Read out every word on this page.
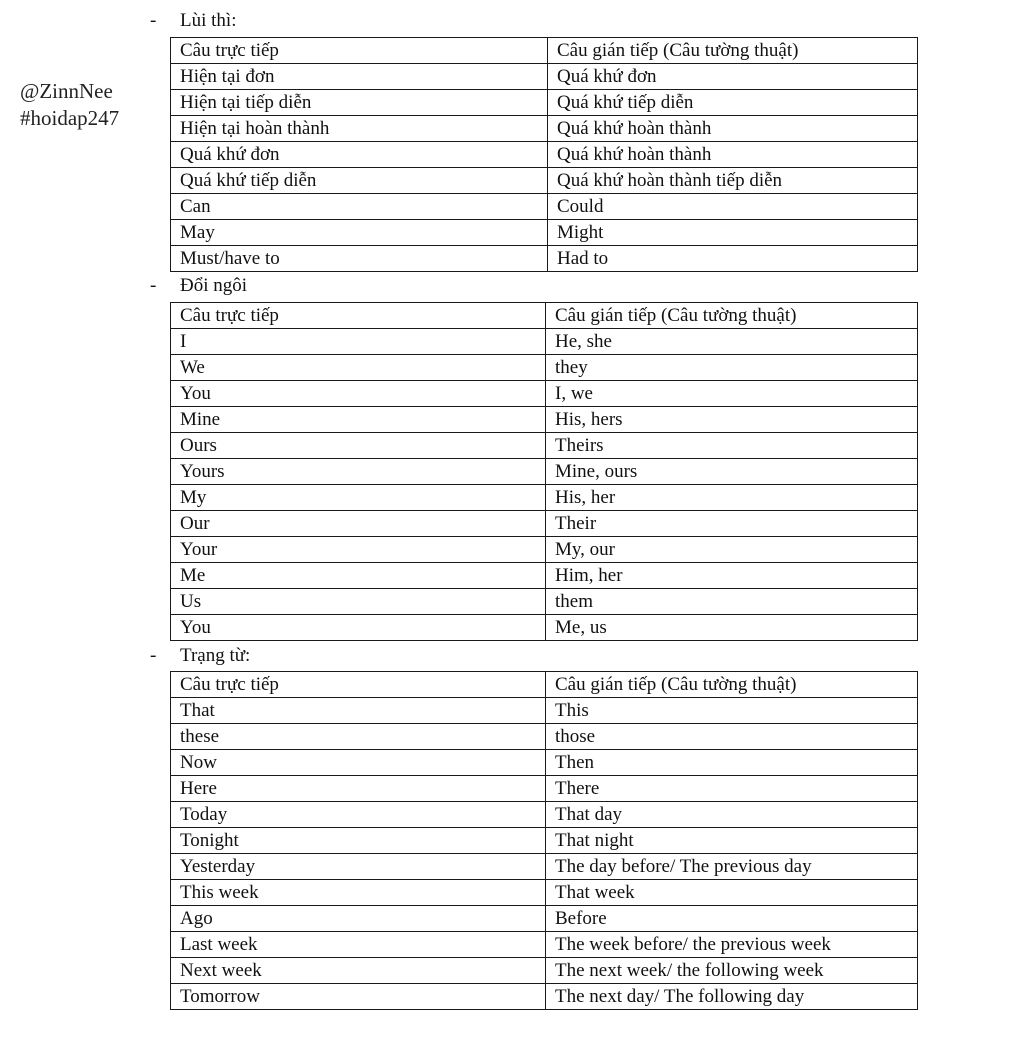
@ZinnNee
#hoidap247
- Lùi thì:
Câu trực tiếp	Câu gián tiếp (Câu tường thuật)
Hiện tại đơn	Quá khứ đơn
Hiện tại tiếp diễn	Quá khứ tiếp diễn
Hiện tại hoàn thành	Quá khứ hoàn thành
Quá khứ đơn	Quá khứ hoàn thành
Quá khứ tiếp diễn	Quá khứ hoàn thành tiếp diễn
Can	Could
May	Might
Must/have to	Had to
- Đổi ngôi
Câu trực tiếp	Câu gián tiếp (Câu tường thuật)
I	He, she
We	they
You	I, we
Mine	His, hers
Ours	Theirs
Yours	Mine, ours
My	His, her
Our	Their
Your	My, our
Me	Him, her
Us	them
You	Me, us
- Trạng từ:
Câu trực tiếp	Câu gián tiếp (Câu tường thuật)
That	This
these	those
Now	Then
Here	There
Today	That day
Tonight	That night
Yesterday	The day before/ The previous day
This week	That week
Ago	Before
Last week	The week before/ the previous week
Next week	The next week/ the following week
Tomorrow	The next day/ The following day
